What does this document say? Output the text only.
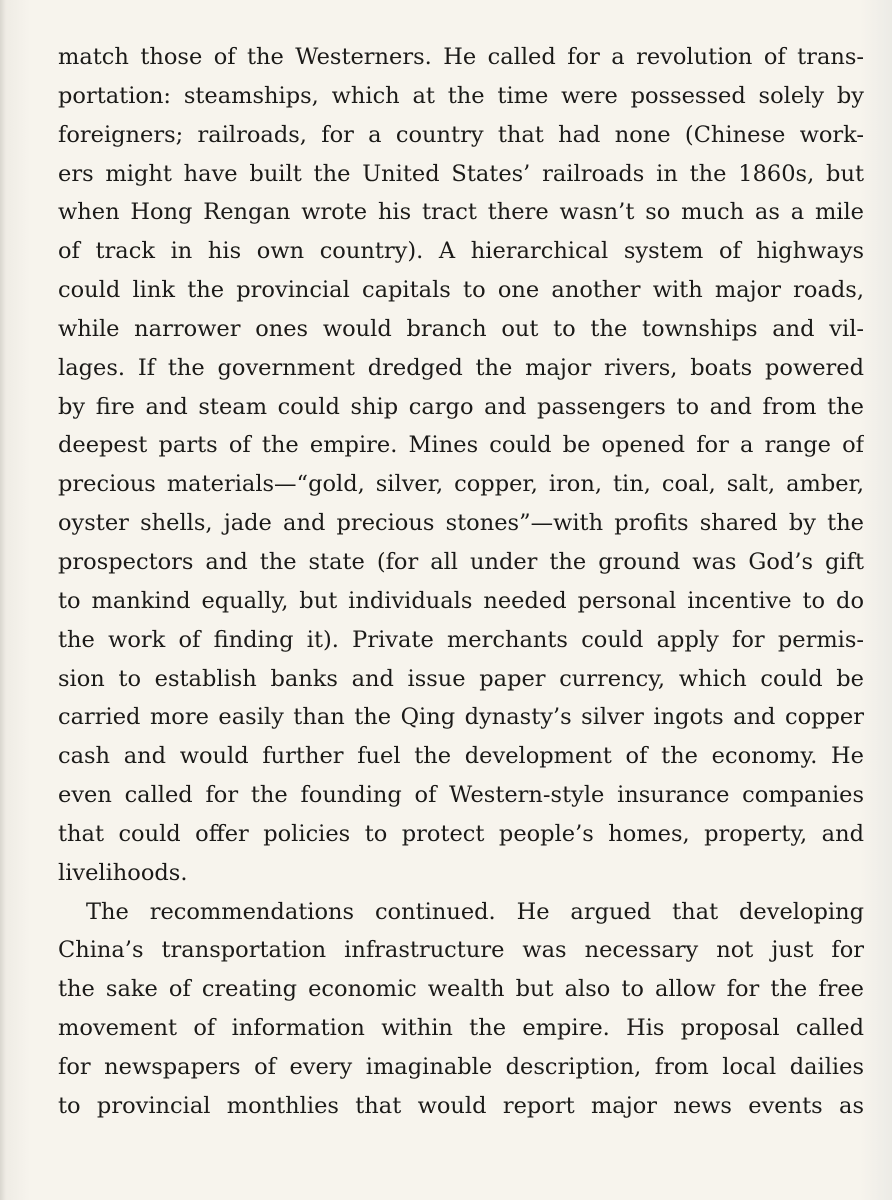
match those of the Westerners. He called for a revolution of trans-
portation: steamships, which at the time were possessed solely by
foreigners; railroads, for a country that had none (Chinese work-
ers might have built the United States’ railroads in the 1860s, but
when Hong Rengan wrote his tract there wasn’t so much as a mile
of track in his own country). A hierarchical system of highways
could link the provincial capitals to one another with major roads,
while narrower ones would branch out to the townships and vil-
lages. If the government dredged the major rivers, boats powered
by fire and steam could ship cargo and passengers to and from the
deepest parts of the empire. Mines could be opened for a range of
precious materials—“gold, silver, copper, iron, tin, coal, salt, amber,
oyster shells, jade and precious stones”—with profits shared by the
prospectors and the state (for all under the ground was God’s gift
to mankind equally, but individuals needed personal incentive to do
the work of finding it). Private merchants could apply for permis-
sion to establish banks and issue paper currency, which could be
carried more easily than the Qing dynasty’s silver ingots and copper
cash and would further fuel the development of the economy. He
even called for the founding of Western-style insurance companies
that could offer policies to protect people’s homes, property, and
livelihoods.
The recommendations continued. He argued that developing
China’s transportation infrastructure was necessary not just for
the sake of creating economic wealth but also to allow for the free
movement of information within the empire. His proposal called
for newspapers of every imaginable description, from local dailies
to provincial monthlies that would report major news events as
